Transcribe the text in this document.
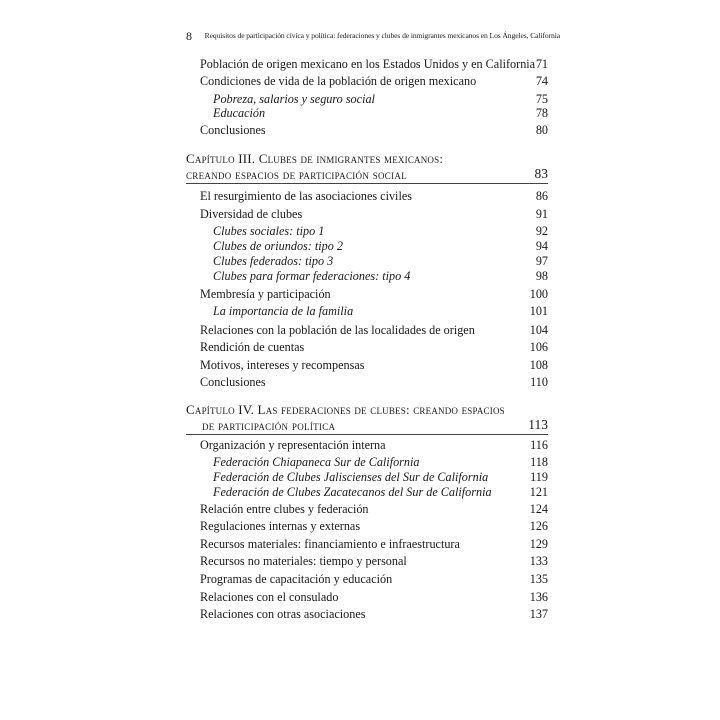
8 Requisitos de participación cívica y política: federaciones y clubes de inmigrantes mexicanos en Los Ángeles, California
Población de origen mexicano en los Estados Unidos y en California 71
Condiciones de vida de la población de origen mexicano	74
Pobreza, salarios y seguro social	75
Educación	78
Conclusiones	80
Capítulo III. Clubes de inmigrantes mexicanos:
creando espacios de participación social	83
El resurgimiento de las asociaciones civiles	86
Diversidad de clubes	91
Clubes sociales: tipo 1	92
Clubes de oriundos: tipo 2	94
Clubes federados: tipo 3	97
Clubes para formar federaciones: tipo 4	98
Membresía y participación	100
La importancia de la familia	101
Relaciones con la población de las localidades de origen	104
Rendición de cuentas	106
Motivos, intereses y recompensas	108
Conclusiones	110
Capítulo IV. Las federaciones de clubes: creando espacios
de participación política	113
Organización y representación interna	116
Federación Chiapaneca Sur de California	118
Federación de Clubes Jaliscienses del Sur de California	119
Federación de Clubes Zacatecanos del Sur de California	121
Relación entre clubes y federación	124
Regulaciones internas y externas	126
Recursos materiales: financiamiento e infraestructura	129
Recursos no materiales: tiempo y personal	133
Programas de capacitación y educación	135
Relaciones con el consulado	136
Relaciones con otras asociaciones	137
